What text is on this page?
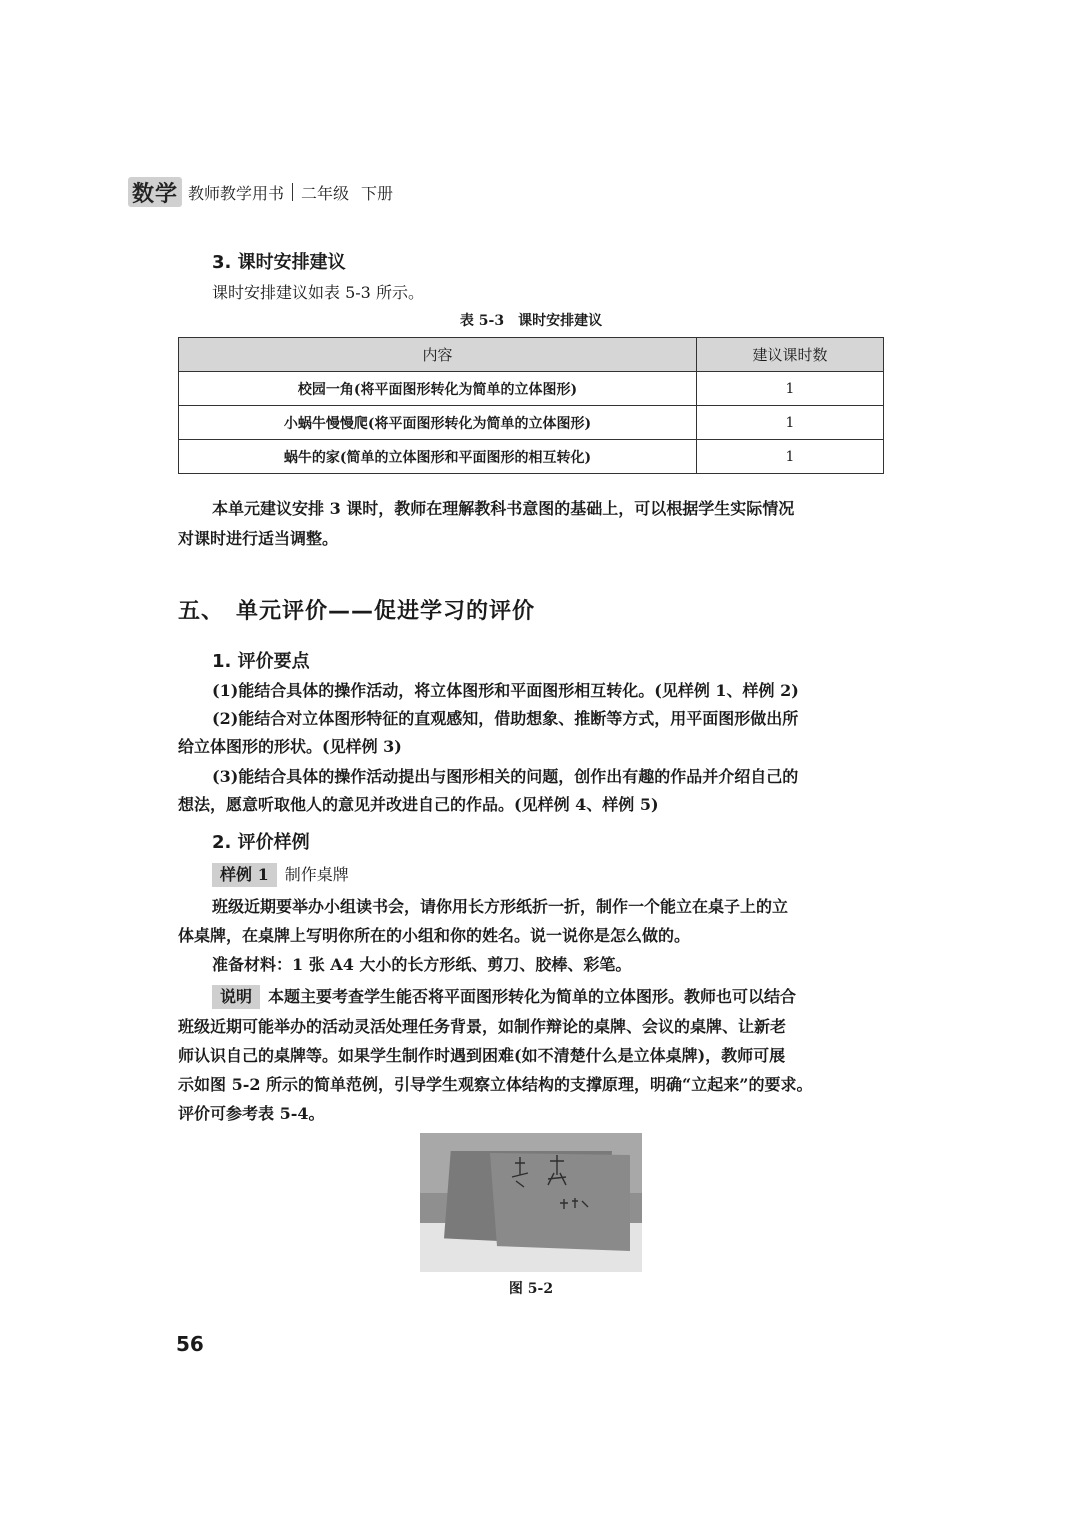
数学 教师教学用书 二年级 下册
3. 课时安排建议
课时安排建议如表 5-3 所示。
表 5-3　课时安排建议
内容	建议课时数
校园一角(将平面图形转化为简单的立体图形)	1
小蜗牛慢慢爬(将平面图形转化为简单的立体图形)	1
蜗牛的家(简单的立体图形和平面图形的相互转化)	1
本单元建议安排 3 课时，教师在理解教科书意图的基础上，可以根据学生实际情况
对课时进行适当调整。
五、　单元评价——促进学习的评价
1. 评价要点
(1)能结合具体的操作活动，将立体图形和平面图形相互转化。(见样例 1、样例 2)
(2)能结合对立体图形特征的直观感知，借助想象、推断等方式，用平面图形做出所
给立体图形的形状。(见样例 3)
(3)能结合具体的操作活动提出与图形相关的问题，创作出有趣的作品并介绍自己的
想法，愿意听取他人的意见并改进自己的作品。(见样例 4、样例 5)
2. 评价样例
样例 1 制作桌牌
班级近期要举办小组读书会，请你用长方形纸折一折，制作一个能立在桌子上的立
体桌牌，在桌牌上写明你所在的小组和你的姓名。说一说你是怎么做的。
准备材料：1 张 A4 大小的长方形纸、剪刀、胶棒、彩笔。
说明 本题主要考查学生能否将平面图形转化为简单的立体图形。教师也可以结合
班级近期可能举办的活动灵活处理任务背景，如制作辩论的桌牌、会议的桌牌、让新老
师认识自己的桌牌等。如果学生制作时遇到困难(如不清楚什么是立体桌牌)，教师可展
示如图 5-2 所示的简单范例，引导学生观察立体结构的支撑原理，明确“立起来”的要求。
评价可参考表 5-4。
图 5-2
56
